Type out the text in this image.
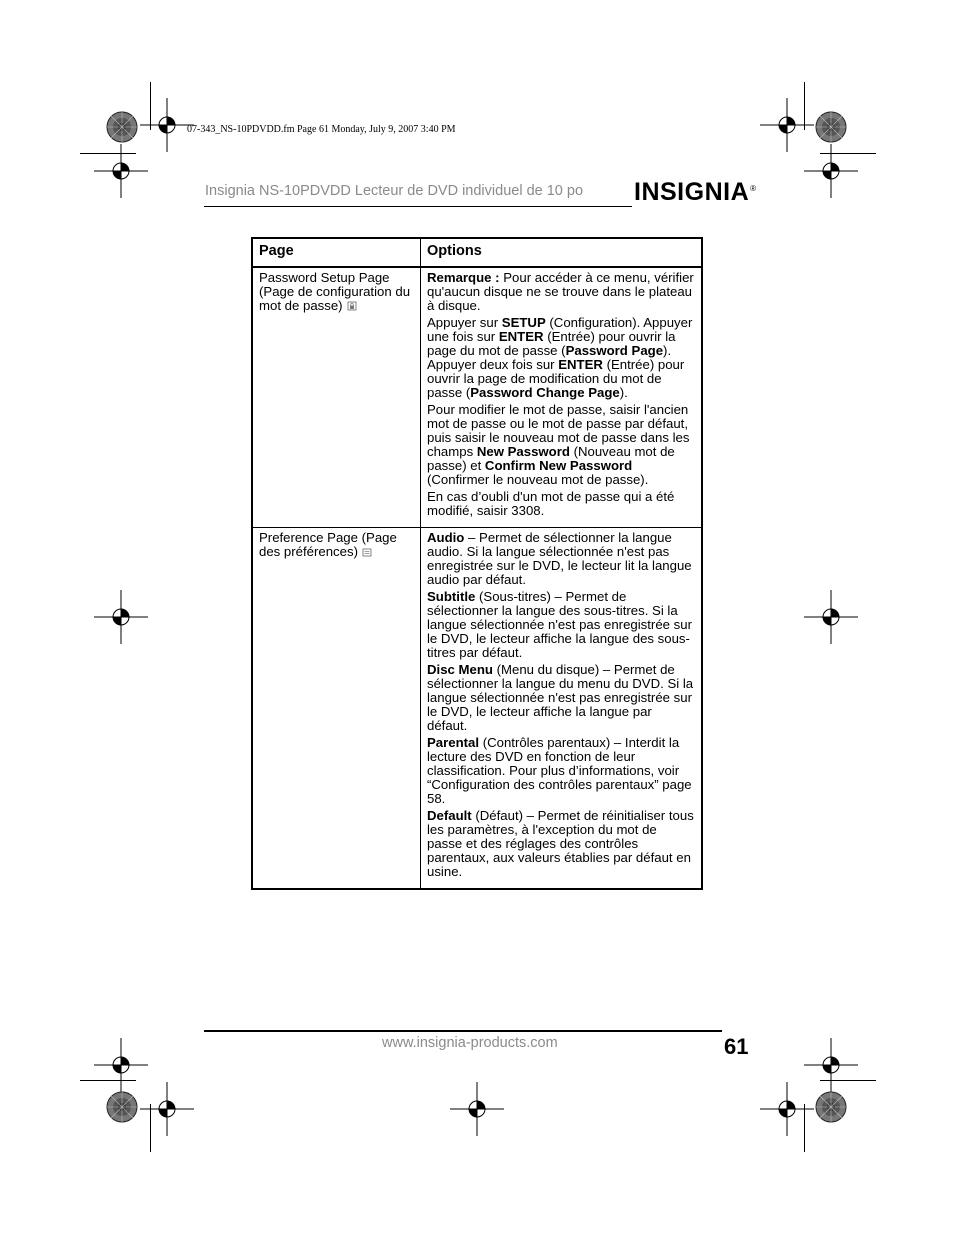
07-343_NS-10PDVDD.fm Page 61 Monday, July 9, 2007 3:40 PM
Insignia NS-10PDVDD Lecteur de DVD individuel de 10 po INSIGNIA®
Page	Options
Password Setup Page (Page de configuration du mot de passe)	Remarque : Pour accéder à ce menu, vérifier qu'aucun disque ne se trouve dans le plateau à disque.

Appuyer sur SETUP (Configuration). Appuyer une fois sur ENTER (Entrée) pour ouvrir la page du mot de passe (Password Page). Appuyer deux fois sur ENTER (Entrée) pour ouvrir la page de modification du mot de passe (Password Change Page).

Pour modifier le mot de passe, saisir l'ancien mot de passe ou le mot de passe par défaut, puis saisir le nouveau mot de passe dans les champs New Password (Nouveau mot de passe) et Confirm New Password (Confirmer le nouveau mot de passe).

En cas d’oubli d'un mot de passe qui a été modifié, saisir 3308.

Preference Page (Page des préférences)	Audio – Permet de sélectionner la langue audio. Si la langue sélectionnée n'est pas enregistrée sur le DVD, le lecteur lit la langue audio par défaut.

Subtitle (Sous-titres) – Permet de sélectionner la langue des sous-titres. Si la langue sélectionnée n'est pas enregistrée sur le DVD, le lecteur affiche la langue des sous-titres par défaut.

Disc Menu (Menu du disque) – Permet de sélectionner la langue du menu du DVD. Si la langue sélectionnée n'est pas enregistrée sur le DVD, le lecteur affiche la langue par défaut.

Parental (Contrôles parentaux) – Interdit la lecture des DVD en fonction de leur classification. Pour plus d’informations, voir “Configuration des contrôles parentaux” page 58.

Default (Défaut) – Permet de réinitialiser tous les paramètres, à l'exception du mot de passe et des réglages des contrôles parentaux, aux valeurs établies par défaut en usine.

www.insignia-products.com	61
